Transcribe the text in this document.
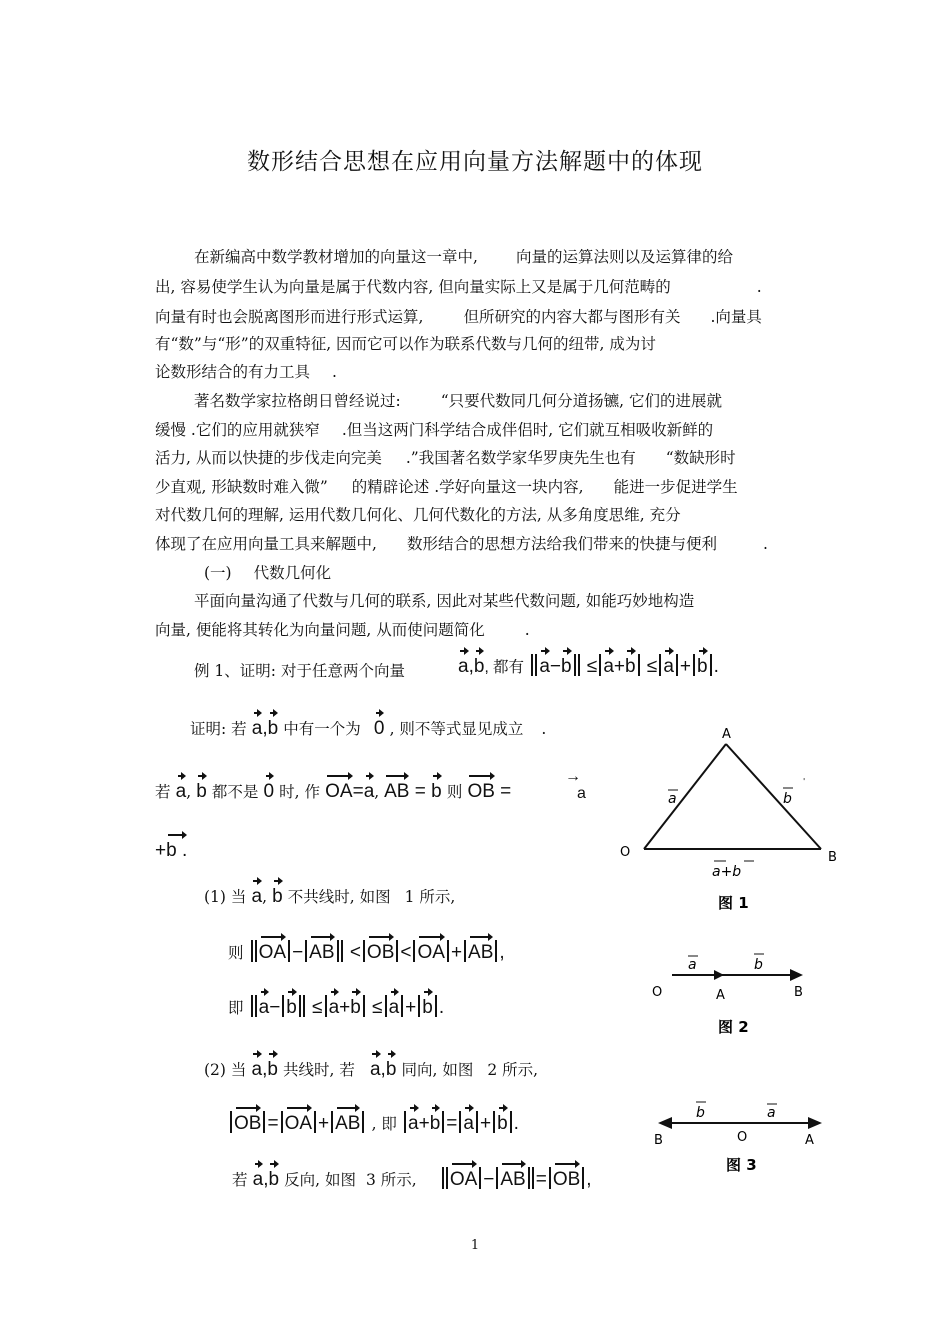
数形结合思想在应用向量方法解题中的体现
在新编高中数学教材增加的向量这一章中, 向量的运算法则以及运算律的给
出, 容易使学生认为向量是属于代数内容, 但向量实际上又是属于几何范畴的	.
向量有时也会脱离图形而进行形式运算,	但所研究的内容大都与图形有关 .向量具
有“数”与“形”的双重特征, 因而它可以作为联系代数与几何的纽带, 成为讨
论数形结合的有力工具 .
著名数学家拉格朗日曾经说过:	“只要代数同几何分道扬镳, 它们的进展就
缓慢 .它们的应用就狭窄 .但当这两门科学结合成伴侣时, 它们就互相吸收新鲜的
活力, 从而以快捷的步伐走向完美 .”我国著名数学家华罗庚先生也有 “数缺形时
少直观, 形缺数时难入微” 的精辟论述 .学好向量这一块内容, 能进一步促进学生
对代数几何的理解, 运用代数几何化、几何代数化的方法, 从多角度思维, 充分
体现了在应用向量工具来解题中, 数形结合的思想方法给我们带来的快捷与便利	.
(一) 代数几何化
平面向量沟通了代数与几何的联系, 因此对某些代数问题, 如能巧妙地构造
向量, 便能将其转化为向量问题, 从而使问题简化	.
例 1、证明: 对于任意两个向量	a,b, 都有 a−b ≤ a+b ≤ a + b .
证明: 若 a,b 中有一个为 0 , 则不等式显见成立 .
若 a, b 都不是 0 时, 作 OA=a, AB = b 则 OB =
→
a
+b .
(1) 当 a, b 不共线时, 如图 1 所示,
则 OA − AB < OB < OA + AB ,
即 a− b ≤ a+b ≤ a + b .
(2) 当 a,b 共线时, 若 a,b 同向, 如图 2 所示,
OB = OA + AB , 即 a+b = a + b .
若 a,b 反向, 如图 3 所示, OA − AB = OB ,
A
O	B
a	b
'
a+b
图 1
a	b
O	A	B
图 2
b	a
B	O	A
图 3
1
